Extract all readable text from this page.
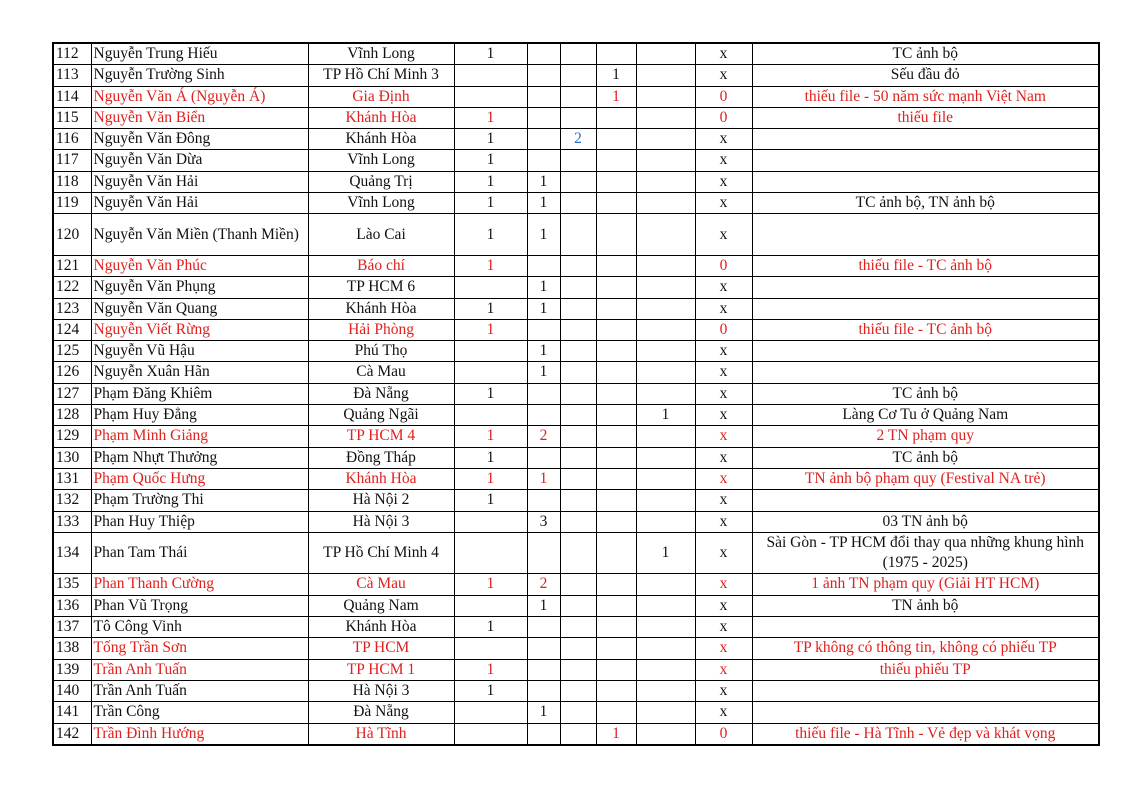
112	Nguyễn Trung Hiếu	Vĩnh Long	1					x	TC ảnh bộ
113	Nguyễn Trường Sinh	TP Hồ Chí Minh 3				1		x	Sếu đầu đỏ
114	Nguyễn Văn Á (Nguyễn Á)	Gia Định				1		0	thiếu file - 50 năm sức mạnh Việt Nam
115	Nguyễn Văn Biển	Khánh Hòa	1					0	thiếu file
116	Nguyễn Văn Đông	Khánh Hòa	1		2			x	
117	Nguyễn Văn Dừa	Vĩnh Long	1					x	
118	Nguyễn Văn Hải	Quảng Trị	1	1				x	
119	Nguyễn Văn Hải	Vĩnh Long	1	1				x	TC ảnh bộ, TN ảnh bộ
120	Nguyễn Văn Miền (Thanh Miền)	Lào Cai	1	1				x	
121	Nguyễn Văn Phúc	Báo chí	1					0	thiếu file - TC ảnh bộ
122	Nguyễn Văn Phụng	TP HCM 6		1				x	
123	Nguyễn Văn Quang	Khánh Hòa	1	1				x	
124	Nguyễn Viết Rừng	Hải Phòng	1					0	thiếu file - TC ảnh bộ
125	Nguyễn Vũ Hậu	Phú Thọ		1				x	
126	Nguyễn Xuân Hãn	Cà Mau		1				x	
127	Phạm Đăng Khiêm	Đà Nẵng	1					x	TC ảnh bộ
128	Phạm Huy Đẳng	Quảng Ngãi					1	x	Làng Cơ Tu ở Quảng Nam
129	Phạm Minh Giảng	TP HCM 4	1	2				x	2 TN phạm quy
130	Phạm Nhựt Thưởng	Đồng Tháp	1					x	TC ảnh bộ
131	Phạm Quốc Hưng	Khánh Hòa	1	1				x	TN ảnh bộ phạm quy (Festival NA trẻ)
132	Phạm Trường Thi	Hà Nội 2	1					x	
133	Phan Huy Thiệp	Hà Nội 3		3				x	03 TN ảnh bộ
134	Phan Tam Thái	TP Hồ Chí Minh 4					1	x	Sài Gòn - TP HCM đổi thay qua những khung hình (1975 - 2025)
135	Phan Thanh Cường	Cà Mau	1	2				x	1 ảnh TN phạm quy (Giải HT HCM)
136	Phan Vũ Trọng	Quảng Nam		1				x	TN ảnh bộ
137	Tô Công Vinh	Khánh Hòa	1					x	
138	Tống Trần Sơn	TP HCM						x	TP không có thông tin, không có phiếu TP
139	Trần Anh Tuấn	TP HCM 1	1					x	thiếu phiếu TP
140	Trần Anh Tuấn	Hà Nội 3	1					x	
141	Trần Công	Đà Nẵng		1				x	
142	Trần Đình Hướng	Hà Tĩnh				1		0	thiếu file - Hà Tĩnh - Vẻ đẹp và khát vọng
